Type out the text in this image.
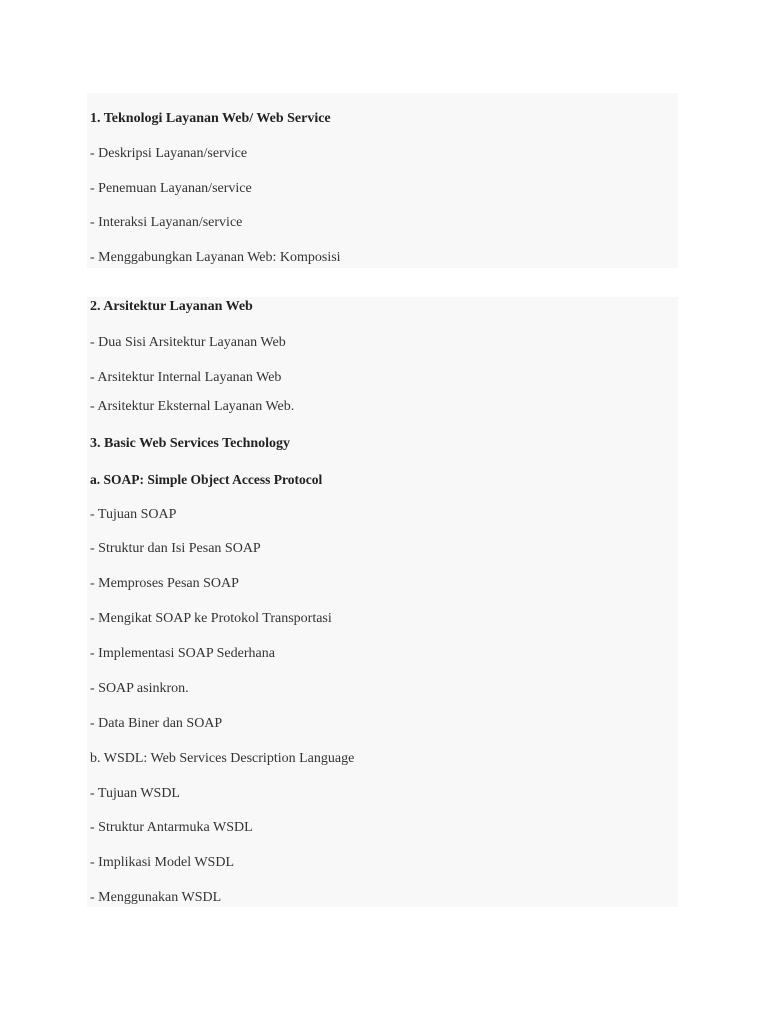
1. Teknologi Layanan Web/ Web Service
- Deskripsi Layanan/service
- Penemuan Layanan/service
- Interaksi Layanan/service
- Menggabungkan Layanan Web: Komposisi
2. Arsitektur Layanan Web
- Dua Sisi Arsitektur Layanan Web
- Arsitektur Internal Layanan Web
- Arsitektur Eksternal Layanan Web.
3. Basic Web Services Technology
a. SOAP: Simple Object Access Protocol
- Tujuan SOAP
- Struktur dan Isi Pesan SOAP
- Memproses Pesan SOAP
- Mengikat SOAP ke Protokol Transportasi
- Implementasi SOAP Sederhana
- SOAP asinkron.
- Data Biner dan SOAP
b. WSDL: Web Services Description Language
- Tujuan WSDL
- Struktur Antarmuka WSDL
- Implikasi Model WSDL
- Menggunakan WSDL
